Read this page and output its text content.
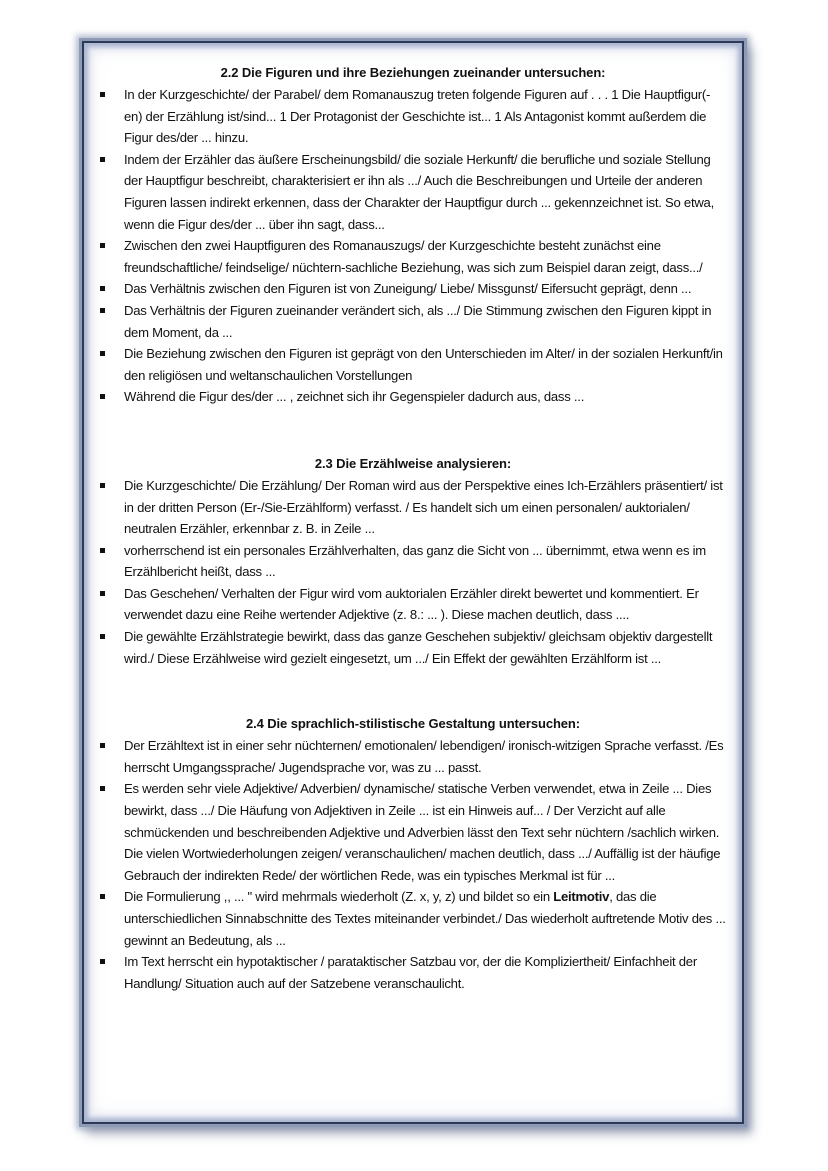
2.2 Die Figuren und ihre Beziehungen zueinander untersuchen:
In der Kurzgeschichte/ der Parabel/ dem Romanauszug treten folgende Figuren auf . . . 1 Die Hauptfigur(-en) der Erzählung ist/sind... 1 Der Protagonist der Geschichte ist... 1 Als Antagonist kommt außerdem die Figur des/der ... hinzu.
Indem der Erzähler das äußere Erscheinungsbild/ die soziale Herkunft/ die berufliche und soziale Stellung der Hauptfigur beschreibt, charakterisiert er ihn als .../ Auch die Beschreibungen und Urteile der anderen Figuren lassen indirekt erkennen, dass der Charakter der Hauptfigur durch ... gekennzeichnet ist. So etwa, wenn die Figur des/der ... über ihn sagt, dass...
Zwischen den zwei Hauptfiguren des Romanauszugs/ der Kurzgeschichte besteht zunächst eine freundschaftliche/ feindselige/ nüchtern-sachliche Beziehung, was sich zum Beispiel daran zeigt, dass.../
Das Verhältnis zwischen den Figuren ist von Zuneigung/ Liebe/ Missgunst/ Eifersucht geprägt, denn ...
Das Verhältnis der Figuren zueinander verändert sich, als .../ Die Stimmung zwischen den Figuren kippt in dem Moment, da ...
Die Beziehung zwischen den Figuren ist geprägt von den Unterschieden im Alter/ in der sozialen Herkunft/in den religiösen und weltanschaulichen Vorstellungen
Während die Figur des/der ... , zeichnet sich ihr Gegenspieler dadurch aus, dass ...
2.3 Die Erzählweise analysieren:
Die Kurzgeschichte/ Die Erzählung/ Der Roman wird aus der Perspektive eines Ich-Erzählers präsentiert/ ist in der dritten Person (Er-/Sie-Erzählform) verfasst. / Es handelt sich um einen personalen/ auktorialen/ neutralen Erzähler, erkennbar z. B. in Zeile ...
vorherrschend ist ein personales Erzählverhalten, das ganz die Sicht von ... übernimmt, etwa wenn es im Erzählbericht heißt, dass ...
Das Geschehen/ Verhalten der Figur wird vom auktorialen Erzähler direkt bewertet und kommentiert. Er verwendet dazu eine Reihe wertender Adjektive (z. 8.: ... ). Diese machen deutlich, dass ....
Die gewählte Erzählstrategie bewirkt, dass das ganze Geschehen subjektiv/ gleichsam objektiv dargestellt wird./ Diese Erzählweise wird gezielt eingesetzt, um .../ Ein Effekt der gewählten Erzählform ist ...
2.4 Die sprachlich-stilistische Gestaltung untersuchen:
Der Erzähltext ist in einer sehr nüchternen/ emotionalen/ lebendigen/ ironisch-witzigen Sprache verfasst. /Es herrscht Umgangssprache/ Jugendsprache vor, was zu ... passt.
Es werden sehr viele Adjektive/ Adverbien/ dynamische/ statische Verben verwendet, etwa in Zeile ... Dies bewirkt, dass .../ Die Häufung von Adjektiven in Zeile ... ist ein Hinweis auf... / Der Verzicht auf alle schmückenden und beschreibenden Adjektive und Adverbien lässt den Text sehr nüchtern /sachlich wirken. Die vielen Wortwiederholungen zeigen/ veranschaulichen/ machen deutlich, dass .../ Auffällig ist der häufige Gebrauch der indirekten Rede/ der wörtlichen Rede, was ein typisches Merkmal ist für ...
Die Formulierung ,, ... " wird mehrmals wiederholt (Z. x, y, z) und bildet so ein Leitmotiv, das die unterschiedlichen Sinnabschnitte des Textes miteinander verbindet./ Das wiederholt auftretende Motiv des ... gewinnt an Bedeutung, als ...
Im Text herrscht ein hypotaktischer / parataktischer Satzbau vor, der die Kompliziertheit/ Einfachheit der Handlung/ Situation auch auf der Satzebene veranschaulicht.
